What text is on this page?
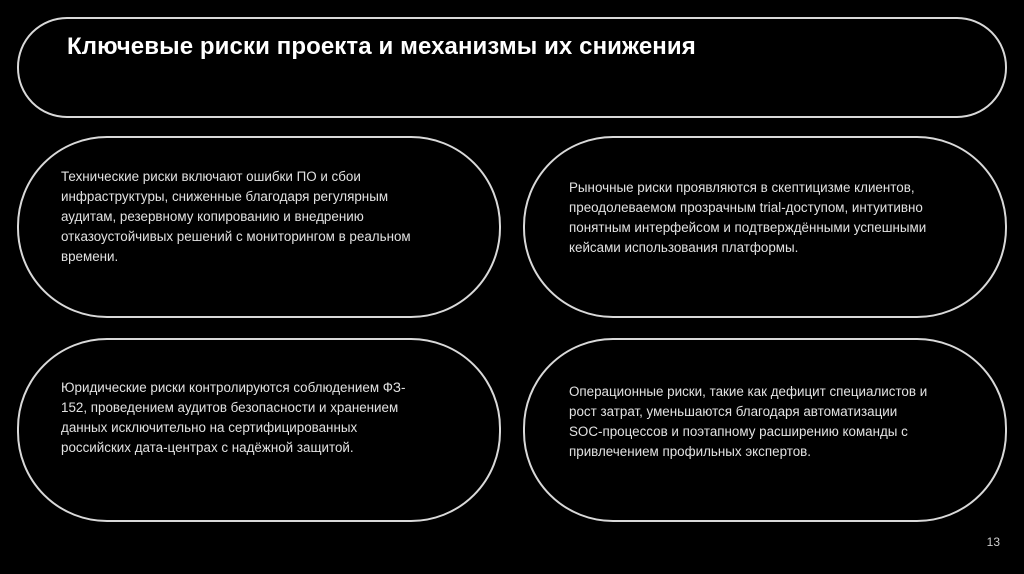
Ключевые риски проекта и механизмы их снижения

Технические риски включают ошибки ПО и сбои
инфраструктуры, сниженные благодаря регулярным
аудитам, резервному копированию и внедрению
отказоустойчивых решений с мониторингом в реальном
времени.

Рыночные риски проявляются в скептицизме клиентов,
преодолеваемом прозрачным trial-доступом, интуитивно
понятным интерфейсом и подтверждёнными успешными
кейсами использования платформы.

Юридические риски контролируются соблюдением ФЗ-
152, проведением аудитов безопасности и хранением
данных исключительно на сертифицированных
российских дата-центрах с надёжной защитой.

Операционные риски, такие как дефицит специалистов и
рост затрат, уменьшаются благодаря автоматизации
SOC-процессов и поэтапному расширению команды с
привлечением профильных экспертов.

13
